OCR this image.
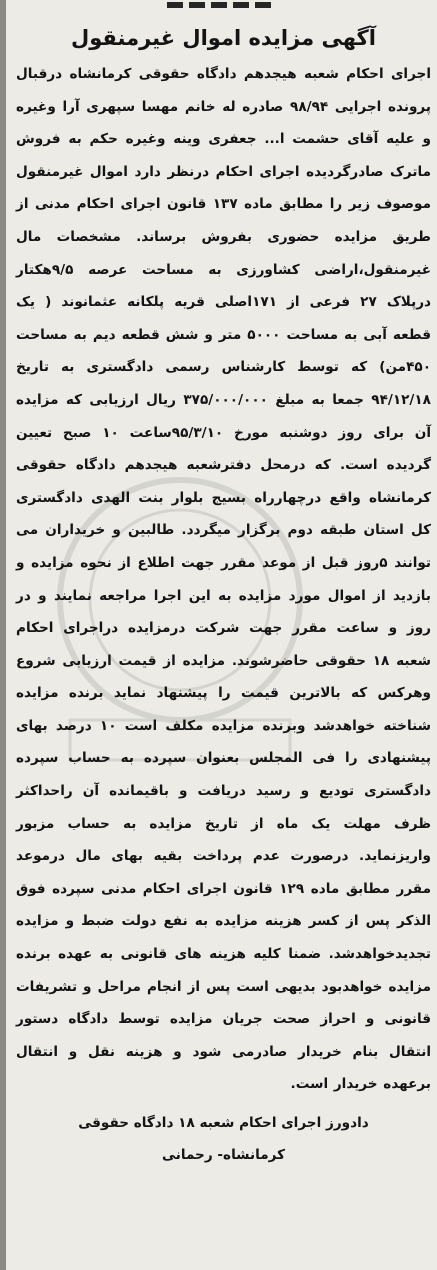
آگهی مزایده اموال غیرمنقول

اجرای احکام شعبه هیجدهم دادگاه حقوقی کرمانشاه درقبال پرونده اجرایی ۹۸/۹۴ صادره له خانم مهسا سپهری آرا وغیره و علیه آقای حشمت ا... جعفری وینه وغیره حکم به فروش ماترک صادرگردیده اجرای احکام درنظر دارد اموال غیرمنقول موصوف زیر را مطابق ماده ۱۳۷ قانون اجرای احکام مدنی از طریق مزایده حضوری بفروش برساند. مشخصات مال غیرمنقول،اراضی کشاورزی به مساحت عرصه ۹/۵هکتار درپلاک ۲۷ فرعی از ۱۷۱اصلی قریه پلکانه عثمانوند ( یک قطعه آبی به مساحت ۵۰۰۰ متر و شش قطعه دیم به مساحت ۴۵۰من) که توسط کارشناس رسمی دادگستری به تاریخ ۹۴/۱۲/۱۸ جمعا به مبلغ ۳۷۵/۰۰۰/۰۰۰ ریال ارزیابی که مزایده آن برای روز دوشنبه مورخ ۹۵/۳/۱۰ساعت ۱۰ صبح تعیین گردیده است. که درمحل دفترشعبه هیجدهم دادگاه حقوقی کرمانشاه واقع درچهارراه بسیج بلوار بنت الهدی دادگستری کل استان طبقه دوم برگزار میگردد. طالبین و خریداران می توانند ۵روز قبل از موعد مقرر جهت اطلاع از نحوه مزایده و بازدید از اموال مورد مزایده به این اجرا مراجعه نمایند و در روز و ساعت مقرر جهت شرکت درمزایده دراجرای احکام شعبه ۱۸ حقوقی حاضرشوند. مزایده از قیمت ارزیابی شروع وهرکس که بالاترین قیمت را پیشنهاد نماید برنده مزایده شناخته خواهدشد وبرنده مزایده مکلف است ۱۰ درصد بهای پیشنهادی را فی المجلس بعنوان سپرده به حساب سپرده دادگستری تودیع و رسید دریافت و باقیمانده آن راحداکثر ظرف مهلت یک ماه از تاریخ مزایده به حساب مزبور واریزنماید. درصورت عدم پرداخت بقیه بهای مال درموعد مقرر مطابق ماده ۱۲۹ قانون اجرای احکام مدنی سپرده فوق الذکر پس از کسر هزینه مزایده به نفع دولت ضبط و مزایده تجدیدخواهدشد. ضمنا کلیه هزینه های قانونی به عهده برنده مزایده خواهدبود بدیهی است پس از انجام مراحل و تشریفات قانونی و احراز صحت جریان مزایده توسط دادگاه دستور انتقال بنام خریدار صادرمی شود و هزینه نقل و انتقال برعهده خریدار است.

دادورز اجرای احکام شعبه ۱۸ دادگاه حقوقی
کرمانشاه- رحمانی
